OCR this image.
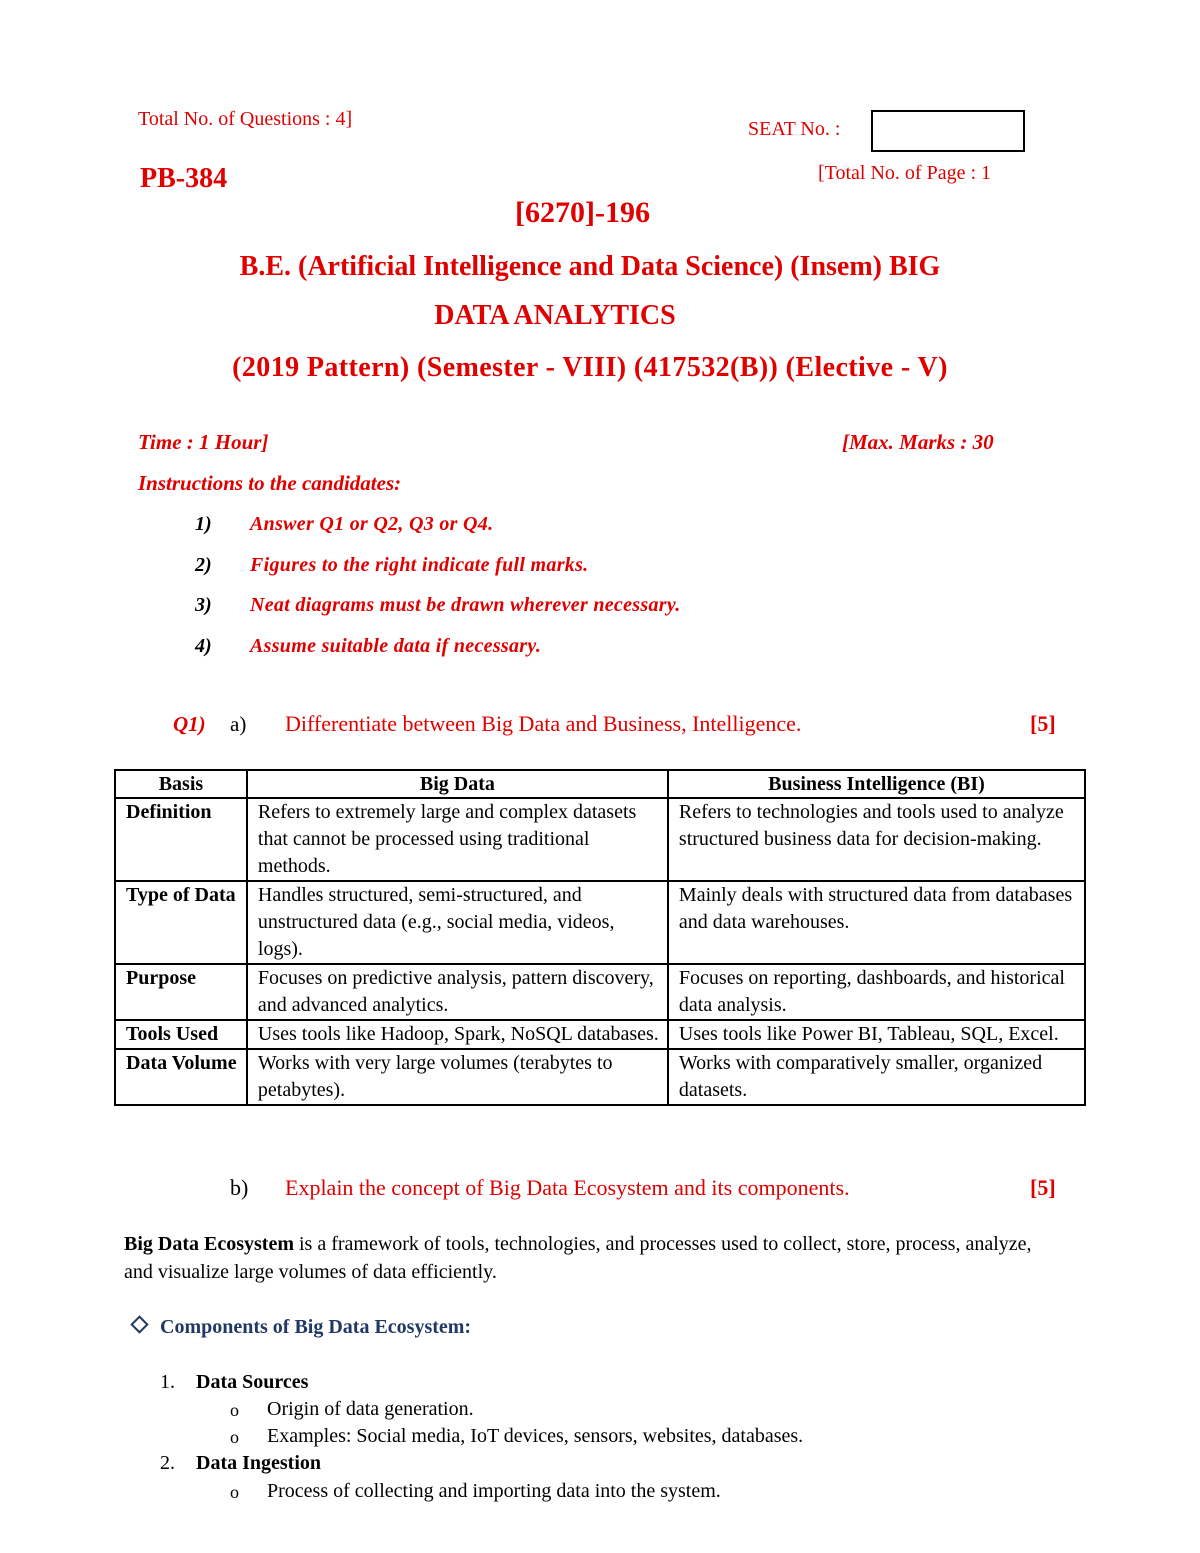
Total No. of Questions : 4]	SEAT No. :
PB-384	[Total No. of Page : 1
[6270]-196
B.E. (Artificial Intelligence and Data Science) (Insem) BIG
DATA ANALYTICS
(2019 Pattern) (Semester - VIII) (417532(B)) (Elective - V)
Time : 1 Hour]	[Max. Marks : 30
Instructions to the candidates:
1) Answer Q1 or Q2, Q3 or Q4.
2) Figures to the right indicate full marks.
3) Neat diagrams must be drawn wherever necessary.
4) Assume suitable data if necessary.
Q1) a) Differentiate between Big Data and Business, Intelligence.	[5]
Basis	Big Data	Business Intelligence (BI)
Definition	Refers to extremely large and complex datasets that cannot be processed using traditional methods.	Refers to technologies and tools used to analyze structured business data for decision-making.
Type of Data	Handles structured, semi-structured, and unstructured data (e.g., social media, videos, logs).	Mainly deals with structured data from databases and data warehouses.
Purpose	Focuses on predictive analysis, pattern discovery, and advanced analytics.	Focuses on reporting, dashboards, and historical data analysis.
Tools Used	Uses tools like Hadoop, Spark, NoSQL databases.	Uses tools like Power BI, Tableau, SQL, Excel.
Data Volume	Works with very large volumes (terabytes to petabytes).	Works with comparatively smaller, organized datasets.
b) Explain the concept of Big Data Ecosystem and its components.	[5]
Big Data Ecosystem is a framework of tools, technologies, and processes used to collect, store, process, analyze, and visualize large volumes of data efficiently.
Components of Big Data Ecosystem:
1. Data Sources
o Origin of data generation.
o Examples: Social media, IoT devices, sensors, websites, databases.
2. Data Ingestion
o Process of collecting and importing data into the system.
